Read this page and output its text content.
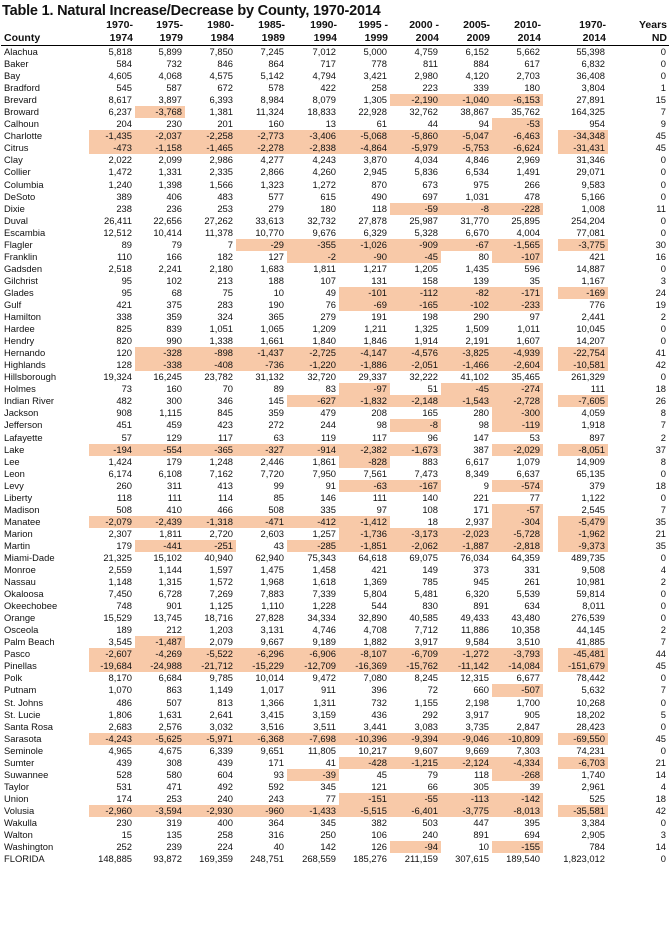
Table 1. Natural Increase/Decrease by County, 1970-2014
	1970-	1975-	1980-	1985-	1990-	1995 -	2000 -	2005-	2010-		1970-	Years
County	1974	1979	1984	1989	1994	1999	2004	2009	2014		2014	ND
Alachua	5,818	5,899	7,850	7,245	7,012	5,000	4,759	6,152	5,662		55,398	0
Baker	584	732	846	864	717	778	811	884	617		6,832	0
Bay	4,605	4,068	4,575	5,142	4,794	3,421	2,980	4,120	2,703		36,408	0
Bradford	545	587	672	578	422	258	223	339	180		3,804	1
Brevard	8,617	3,897	6,393	8,984	8,079	1,305	-2,190	-1,040	-6,153		27,891	15
Broward	6,237	-3,768	1,381	11,324	18,833	22,928	32,762	38,867	35,762		164,325	7
Calhoun	204	230	201	160	13	61	44	94	-53		954	9
Charlotte	-1,435	-2,037	-2,258	-2,773	-3,406	-5,068	-5,860	-5,047	-6,463		-34,348	45
Citrus	-473	-1,158	-1,465	-2,278	-2,838	-4,864	-5,979	-5,753	-6,624		-31,431	45
Clay	2,022	2,099	2,986	4,277	4,243	3,870	4,034	4,846	2,969		31,346	0
Collier	1,472	1,331	2,335	2,866	4,260	2,945	5,836	6,534	1,491		29,071	0
Columbia	1,240	1,398	1,566	1,323	1,272	870	673	975	266		9,583	0
DeSoto	389	406	483	577	615	490	697	1,031	478		5,166	0
Dixie	238	236	253	279	180	118	-59	-8	-228		1,008	11
Duval	26,411	22,656	27,262	33,613	32,732	27,878	25,987	31,770	25,895		254,204	0
Escambia	12,512	10,414	11,378	10,770	9,676	6,329	5,328	6,670	4,004		77,081	0
Flagler	89	79	7	-29	-355	-1,026	-909	-67	-1,565		-3,775	30
Franklin	110	166	182	127	-2	-90	-45	80	-107		421	16
Gadsden	2,518	2,241	2,180	1,683	1,811	1,217	1,205	1,435	596		14,887	0
Gilchrist	95	102	213	188	107	131	158	139	35		1,167	3
Glades	95	68	75	10	49	-101	-112	-82	-171		-169	24
Gulf	421	375	283	190	76	-69	-165	-102	-233		776	19
Hamilton	338	359	324	365	279	191	198	290	97		2,441	2
Hardee	825	839	1,051	1,065	1,209	1,211	1,325	1,509	1,011		10,045	0
Hendry	820	990	1,338	1,661	1,840	1,846	1,914	2,191	1,607		14,207	0
Hernando	120	-328	-898	-1,437	-2,725	-4,147	-4,576	-3,825	-4,939		-22,754	41
Highlands	128	-338	-408	-736	-1,220	-1,886	-2,051	-1,466	-2,604		-10,581	42
Hillsborough	19,324	16,245	23,782	31,132	32,720	29,337	32,222	41,102	35,465		261,329	0
Holmes	73	160	70	89	83	-97	51	-45	-274		111	18
Indian River	482	300	346	145	-627	-1,832	-2,148	-1,543	-2,728		-7,605	26
Jackson	908	1,115	845	359	479	208	165	280	-300		4,059	8
Jefferson	451	459	423	272	244	98	-8	98	-119		1,918	7
Lafayette	57	129	117	63	119	117	96	147	53		897	2
Lake	-194	-554	-365	-327	-914	-2,382	-1,673	387	-2,029		-8,051	37
Lee	1,424	179	1,248	2,446	1,861	-828	883	6,617	1,079		14,909	8
Leon	6,174	6,108	7,162	7,720	7,950	7,561	7,473	8,349	6,637		65,135	0
Levy	260	311	413	99	91	-63	-167	9	-574		379	18
Liberty	118	111	114	85	146	111	140	221	77		1,122	0
Madison	508	410	466	508	335	97	108	171	-57		2,545	7
Manatee	-2,079	-2,439	-1,318	-471	-412	-1,412	18	2,937	-304		-5,479	35
Marion	2,307	1,811	2,720	2,603	1,257	-1,736	-3,173	-2,023	-5,728		-1,962	21
Martin	179	-441	-251	43	-285	-1,851	-2,062	-1,887	-2,818		-9,373	35
Miami-Dade	21,325	15,102	40,940	62,940	75,343	64,618	69,075	76,034	64,359		489,735	0
Monroe	2,559	1,144	1,597	1,475	1,458	421	149	373	331		9,508	4
Nassau	1,148	1,315	1,572	1,968	1,618	1,369	785	945	261		10,981	2
Okaloosa	7,450	6,728	7,269	7,883	7,339	5,804	5,481	6,320	5,539		59,814	0
Okeechobee	748	901	1,125	1,110	1,228	544	830	891	634		8,011	0
Orange	15,529	13,745	18,716	27,828	34,334	32,890	40,585	49,433	43,480		276,539	0
Osceola	189	212	1,203	3,131	4,746	4,708	7,712	11,886	10,358		44,145	2
Palm Beach	3,545	-1,487	2,079	9,667	9,189	1,882	3,917	9,584	3,510		41,885	7
Pasco	-2,607	-4,269	-5,522	-6,296	-6,906	-8,107	-6,709	-1,272	-3,793		-45,481	44
Pinellas	-19,684	-24,988	-21,712	-15,229	-12,709	-16,369	-15,762	-11,142	-14,084		-151,679	45
Polk	8,170	6,684	9,785	10,014	9,472	7,080	8,245	12,315	6,677		78,442	0
Putnam	1,070	863	1,149	1,017	911	396	72	660	-507		5,632	7
St. Johns	486	507	813	1,366	1,311	732	1,155	2,198	1,700		10,268	0
St. Lucie	1,806	1,631	2,641	3,415	3,159	436	292	3,917	905		18,202	5
Santa Rosa	2,683	2,576	3,032	3,516	3,511	3,441	3,083	3,735	2,847		28,423	0
Sarasota	-4,243	-5,625	-5,971	-6,368	-7,698	-10,396	-9,394	-9,046	-10,809		-69,550	45
Seminole	4,965	4,675	6,339	9,651	11,805	10,217	9,607	9,669	7,303		74,231	0
Sumter	439	308	439	171	41	-428	-1,215	-2,124	-4,334		-6,703	21
Suwannee	528	580	604	93	-39	45	79	118	-268		1,740	14
Taylor	531	471	492	592	345	121	66	305	39		2,961	4
Union	174	253	240	243	77	-151	-55	-113	-142		525	18
Volusia	-2,960	-3,594	-2,930	-960	-1,433	-5,515	-6,401	-3,775	-8,013		-35,581	42
Wakulla	230	319	400	364	345	382	503	447	395		3,384	0
Walton	15	135	258	316	250	106	240	891	694		2,905	3
Washington	252	239	224	40	142	126	-94	10	-155		784	14
FLORIDA	148,885	93,872	169,359	248,751	268,559	185,276	211,159	307,615	189,540		1,823,012	0
